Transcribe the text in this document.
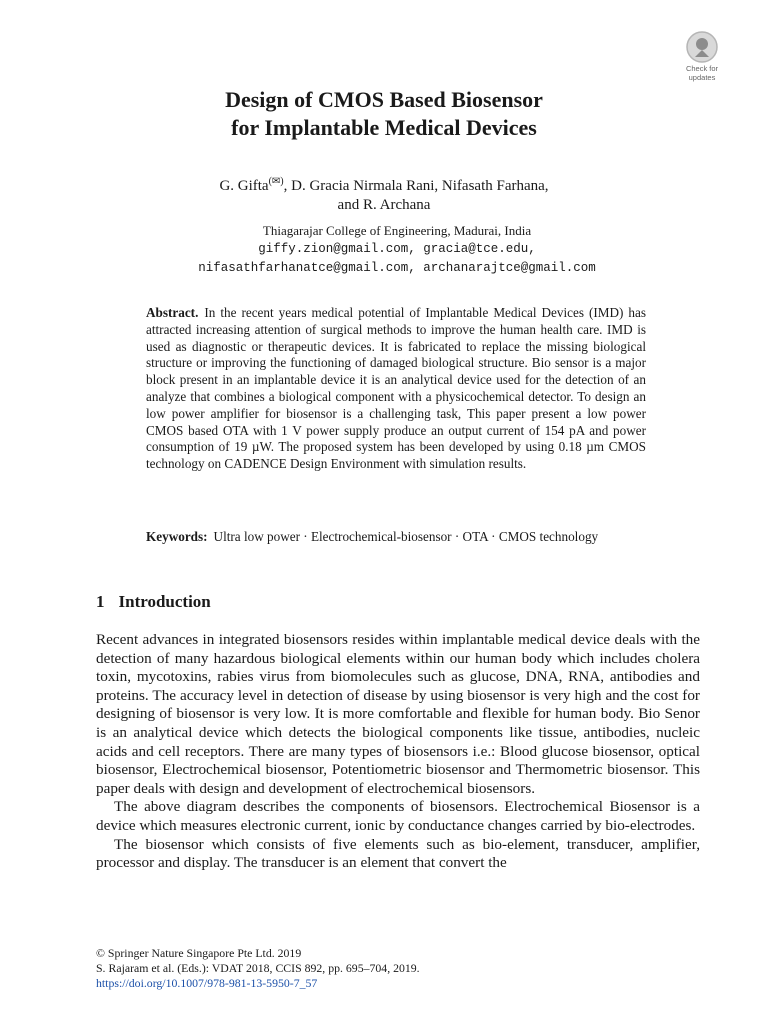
Check for
updates
Design of CMOS Based Biosensor
for Implantable Medical Devices
G. Gifta(✉), D. Gracia Nirmala Rani, Nifasath Farhana,
and R. Archana
Thiagarajar College of Engineering, Madurai, India
giffy.zion@gmail.com, gracia@tce.edu,
nifasathfarhanatce@gmail.com, archanarajtce@gmail.com

Abstract. In the recent years medical potential of Implantable Medical Devices (IMD) has attracted increasing attention of surgical methods to improve the human health care. IMD is used as diagnostic or therapeutic devices. It is fabricated to replace the missing biological structure or improving the functioning of damaged biological structure. Bio sensor is a major block present in an implantable device it is an analytical device used for the detection of an analyze that combines a biological component with a physicochemical detector. To design an low power amplifier for biosensor is a challenging task, This paper present a low power CMOS based OTA with 1 V power supply produce an output current of 154 pA and power consumption of 19 µW. The proposed system has been developed by using 0.18 µm CMOS technology on CADENCE Design Environment with simulation results.

Keywords: Ultra low power · Electrochemical-biosensor · OTA · CMOS technology

1 Introduction

Recent advances in integrated biosensors resides within implantable medical device deals with the detection of many hazardous biological elements within our human body which includes cholera toxin, mycotoxins, rabies virus from biomolecules such as glucose, DNA, RNA, antibodies and proteins. The accuracy level in detection of disease by using biosensor is very high and the cost for designing of biosensor is very low. It is more comfortable and flexible for human body. Bio Senor is an analytical device which detects the biological components like tissue, antibodies, nucleic acids and cell receptors. There are many types of biosensors i.e.: Blood glucose biosensor, optical biosensor, Electrochemical biosensor, Potentiometric biosensor and Thermometric biosensor. This paper deals with design and development of electrochemical biosensors.

The above diagram describes the components of biosensors. Electrochemical Biosensor is a device which measures electronic current, ionic by conductance changes carried by bio-electrodes.

The biosensor which consists of five elements such as bio-element, transducer, amplifier, processor and display. The transducer is an element that convert the

© Springer Nature Singapore Pte Ltd. 2019
S. Rajaram et al. (Eds.): VDAT 2018, CCIS 892, pp. 695–704, 2019.
https://doi.org/10.1007/978-981-13-5950-7_57
